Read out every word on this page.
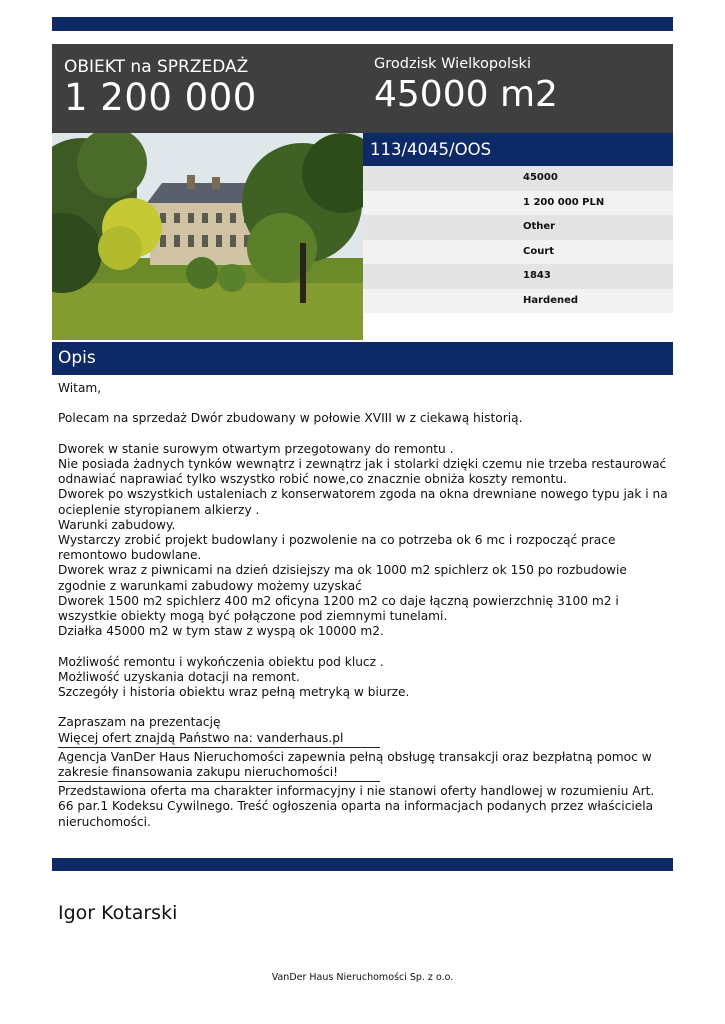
OBIEKT na SPRZEDAŻ
1 200 000
Grodzisk Wielkopolski
45000 m2
113/4045/OOS
45000
1 200 000 PLN
Other
Court
1843
Hardened
Opis

Witam,

Polecam na sprzedaż Dwór zbudowany w połowie XVIII w z ciekawą historią.

Dworek w stanie surowym otwartym przegotowany do remontu .

Nie posiada żadnych tynków wewnątrz i zewnątrz jak i stolarki dzięki czemu nie trzeba restaurować odnawiać naprawiać tylko wszystko robić nowe,co znacznie obniża koszty remontu.

Dworek po wszystkich ustaleniach z konserwatorem zgoda na okna drewniane nowego typu jak i na ocieplenie styropianem alkierzy .

Warunki zabudowy.

Wystarczy zrobić projekt budowlany i pozwolenie na co potrzeba ok 6 mc i rozpocząć prace remontowo budowlane.

Dworek wraz z piwnicami na dzień dzisiejszy ma ok 1000 m2 spichlerz ok 150 po rozbudowie zgodnie z warunkami zabudowy możemy uzyskać

Dworek 1500 m2 spichlerz 400 m2 oficyna 1200 m2 co daje łączną powierzchnię 3100 m2 i wszystkie obiekty mogą być połączone pod ziemnymi tunelami.

Działka 45000 m2 w tym staw z wyspą ok 10000 m2.

Możliwość remontu i wykończenia obiektu pod klucz .

Możliwość uzyskania dotacji na remont.

Szczegóły i historia obiektu wraz pełną metryką w biurze.

Zapraszam na prezentację

Więcej ofert znajdą Państwo na: vanderhaus.pl

Agencja VanDer Haus Nieruchomości zapewnia pełną obsługę transakcji oraz bezpłatną pomoc w zakresie finansowania zakupu nieruchomości!

Przedstawiona oferta ma charakter informacyjny i nie stanowi oferty handlowej w rozumieniu Art. 66 par.1 Kodeksu Cywilnego. Treść ogłoszenia oparta na informacjach podanych przez właściciela nieruchomości.

Igor Kotarski
VanDer Haus Nieruchomości Sp. z o.o.
